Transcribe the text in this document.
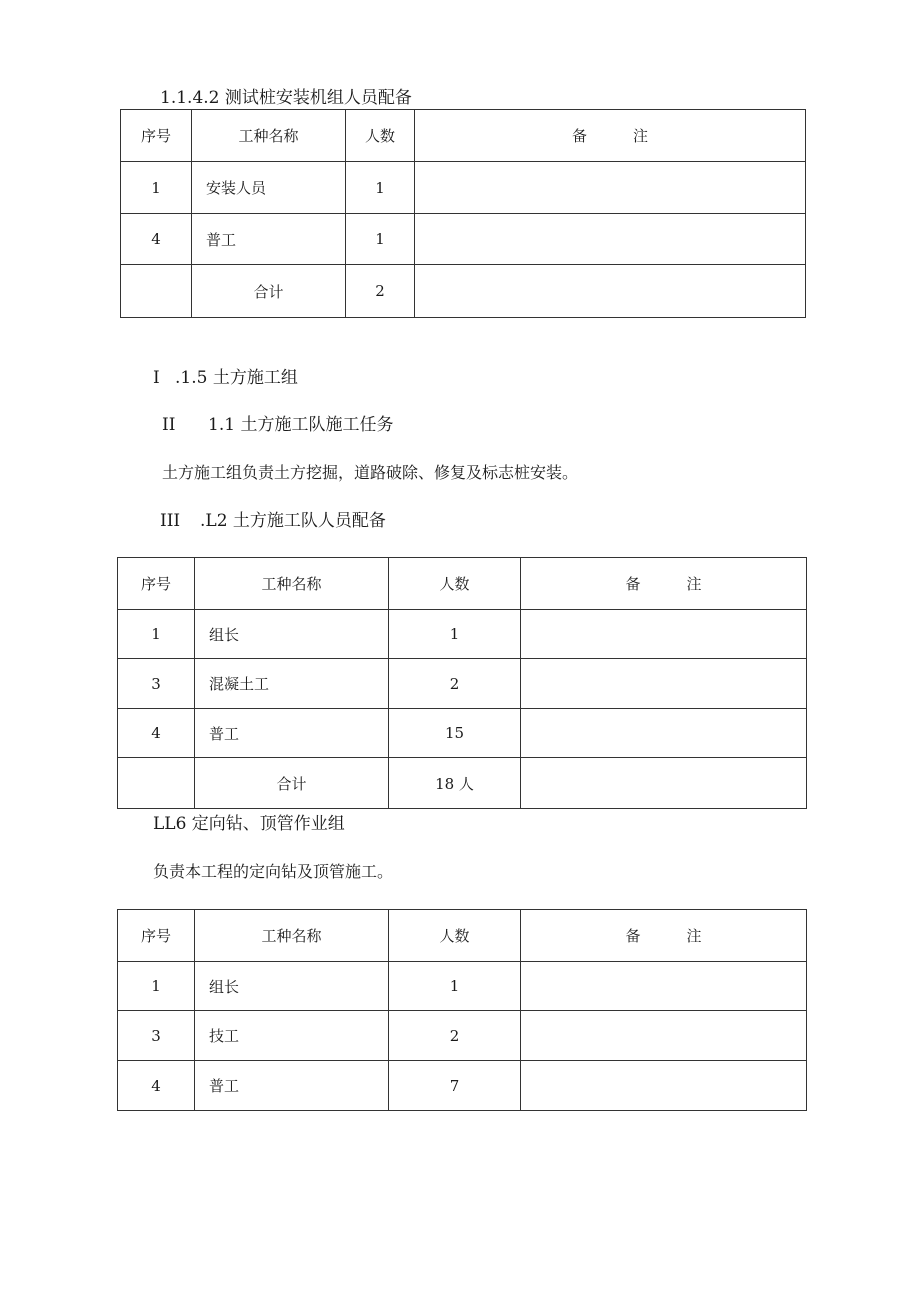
1.1.4.2 测试桩安装机组人员配备
序号	工种名称	人数	备 注
1	安装人员	1	
4	普工	1	
	合计	2	
I .1.5 土方施工组
II 1.1 土方施工队施工任务
土方施工组负责土方挖掘，道路破除、修复及标志桩安装。
III .L2 土方施工队人员配备
序号	工种名称	人数	备 注
1	组长	1	
3	混凝土工	2	
4	普工	15	
	合计	18 人	
LL6 定向钻、顶管作业组
负责本工程的定向钻及顶管施工。
序号	工种名称	人数	备 注
1	组长	1	
3	技工	2	
4	普工	7	
